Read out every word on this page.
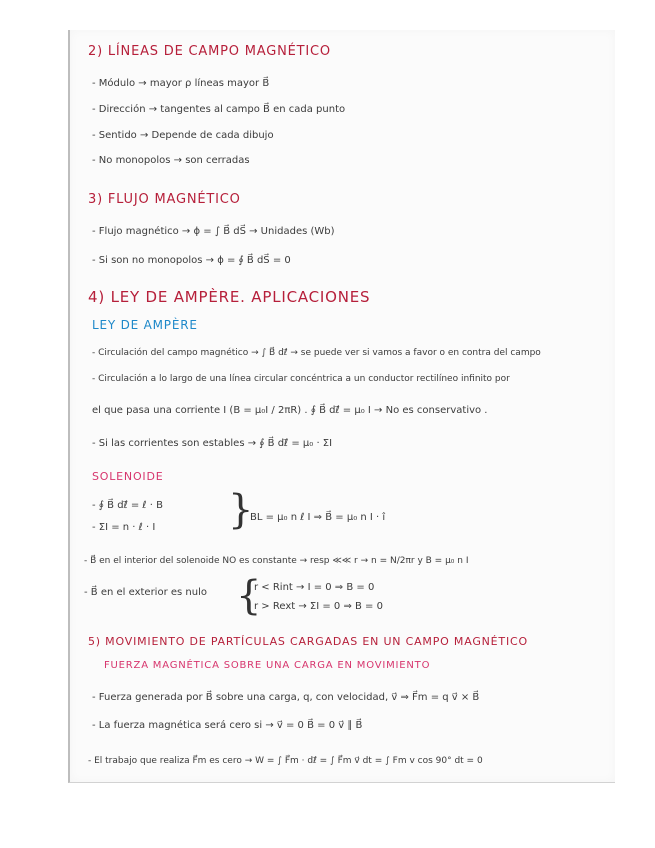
2) LÍNEAS DE CAMPO MAGNÉTICO
- Módulo → mayor ρ líneas mayor B⃗
- Dirección → tangentes al campo B⃗ en cada punto
- Sentido → Depende de cada dibujo
- No monopolos → son cerradas
3) FLUJO MAGNÉTICO
- Flujo magnético → ϕ = ∫ B⃗ dS⃗ → Unidades (Wb)
- Si son no monopolos → ϕ = ∮ B⃗ dS⃗ = 0
4) LEY DE AMPÈRE. APLICACIONES
LEY DE AMPÈRE
- Circulación del campo magnético → ∫ B⃗ dℓ⃗ → se puede ver si vamos a favor o en contra del campo
- Circulación a lo largo de una línea circular concéntrica a un conductor rectilíneo infinito por
el que pasa una corriente I (B = μ₀I / 2πR) . ∮ B⃗ dℓ⃗ = μ₀ I → No es conservativo .
- Si las corrientes son estables → ∮ B⃗ dℓ⃗ = μ₀ · ΣI
SOLENOIDE
- ∮ B⃗ dℓ⃗ = ℓ · B
- ΣI = n · ℓ · I }
BL = μ₀ n ℓ I ⇒ B⃗ = μ₀ n I · î
- B⃗ en el interior del solenoide NO es constante → resp ≪≪ r → n = N/2πr y B = μ₀ n I
- B⃗ en el exterior es nulo {
r < Rint → I = 0 ⇒ B = 0
r > Rext → ΣI = 0 ⇒ B = 0
5) MOVIMIENTO DE PARTÍCULAS CARGADAS EN UN CAMPO MAGNÉTICO
FUERZA MAGNÉTICA SOBRE UNA CARGA EN MOVIMIENTO
- Fuerza generada por B⃗ sobre una carga, q, con velocidad, v⃗ ⇒ F⃗m = q v⃗ × B⃗
- La fuerza magnética será cero si → v⃗ = 0 B⃗ = 0 v⃗ ∥ B⃗
- El trabajo que realiza F⃗m es cero → W = ∫ F⃗m · dℓ⃗ = ∫ F⃗m v⃗ dt = ∫ Fm v cos 90° dt = 0
